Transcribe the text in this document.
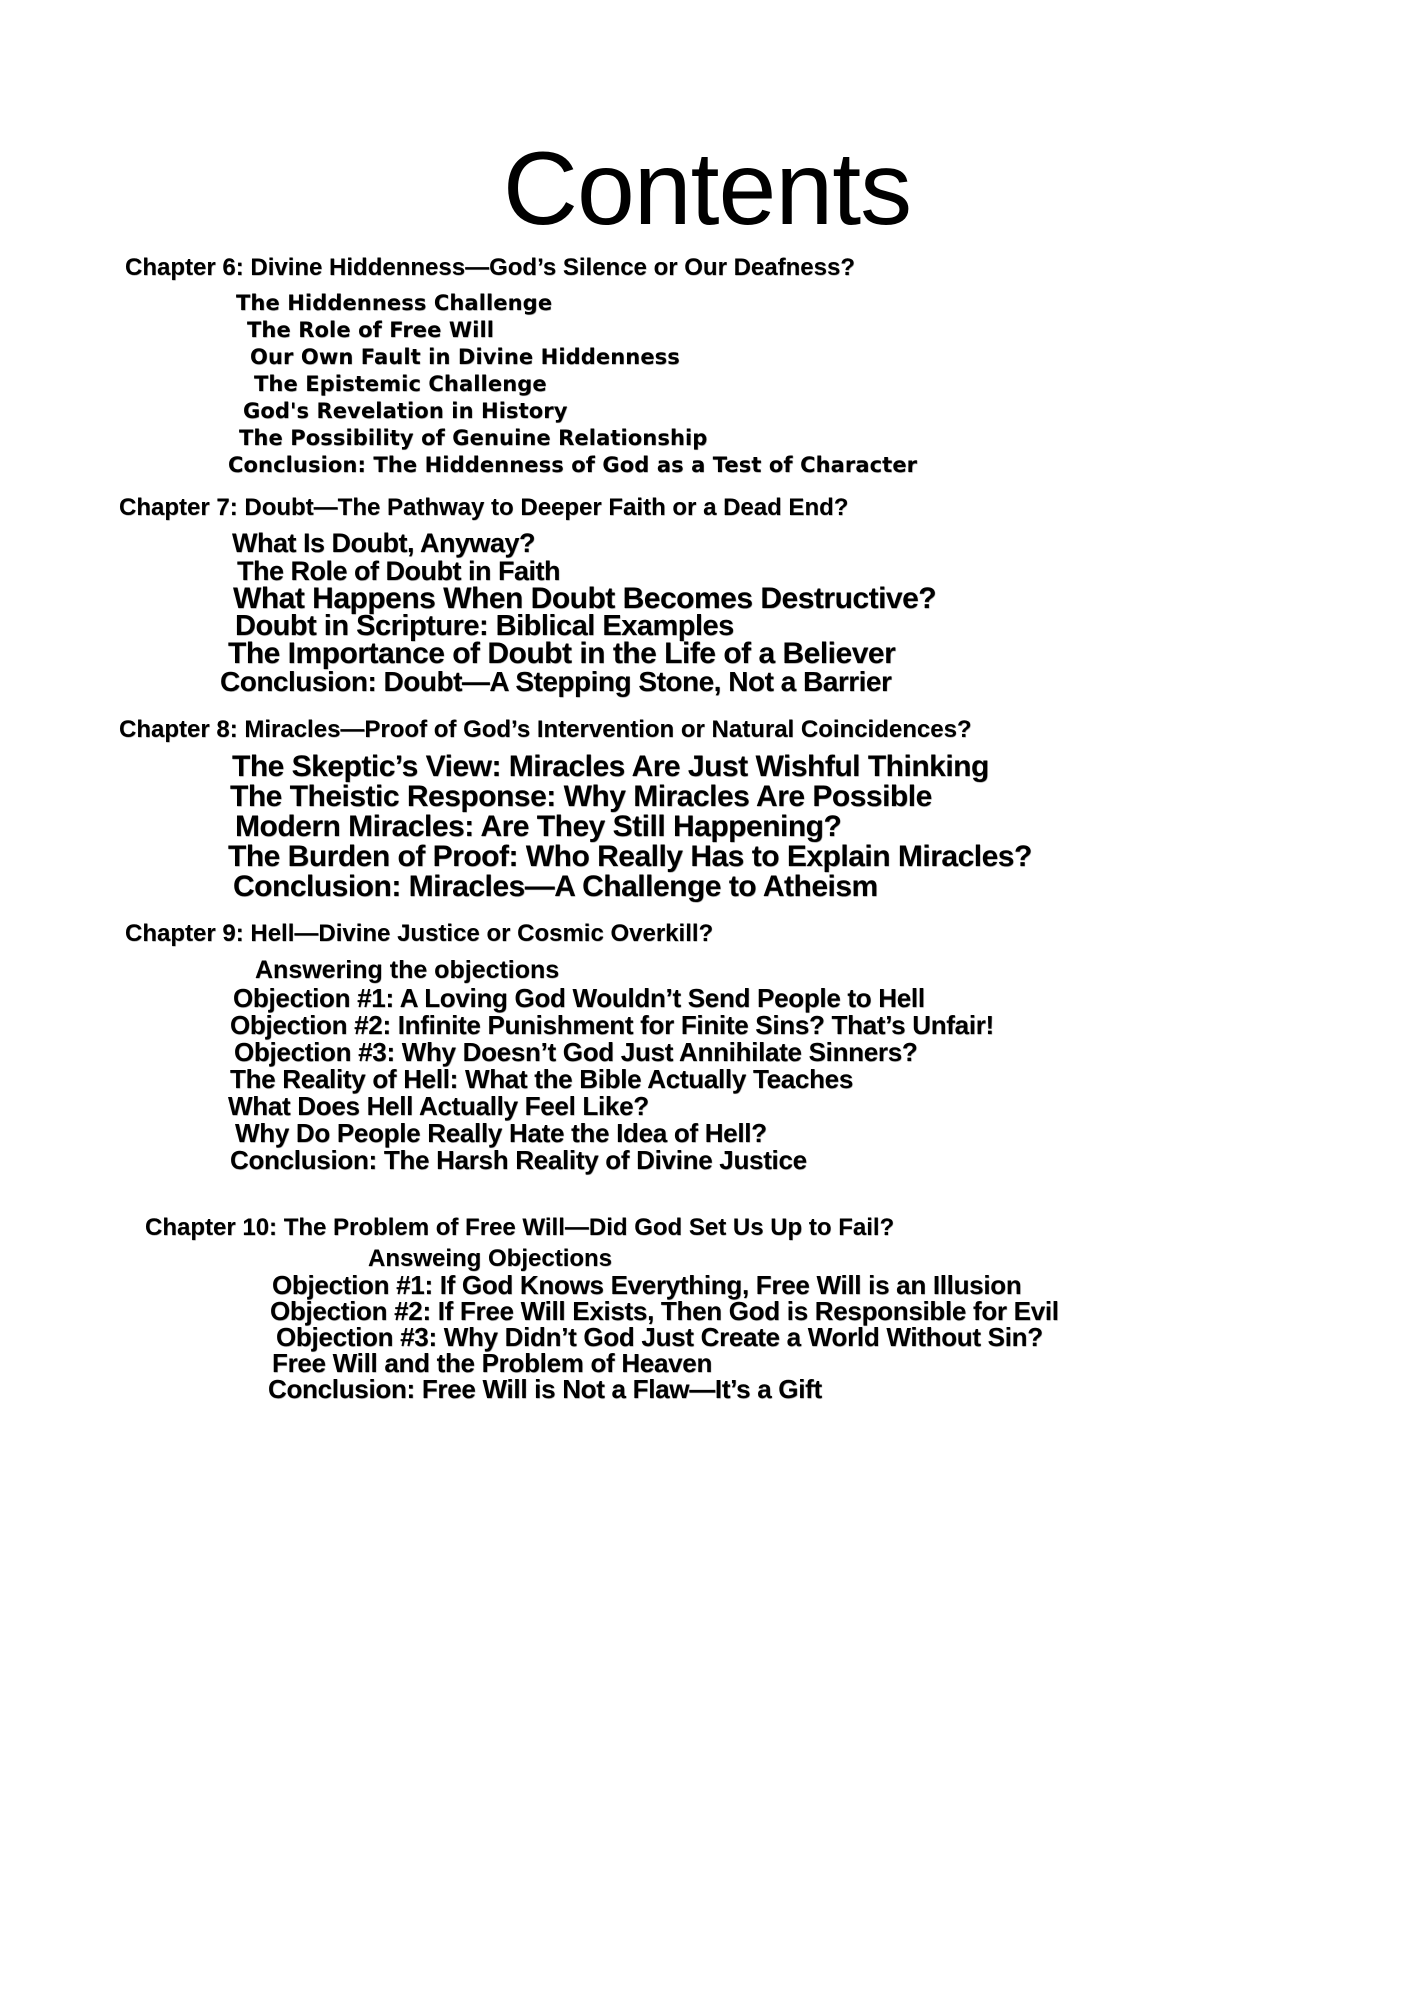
Contents
Chapter 6: Divine Hiddenness—God’s Silence or Our Deafness?
The Hiddenness Challenge
The Role of Free Will
Our Own Fault in Divine Hiddenness
The Epistemic Challenge
God's Revelation in History
The Possibility of Genuine Relationship
Conclusion: The Hiddenness of God as a Test of Character
Chapter 7: Doubt—The Pathway to Deeper Faith or a Dead End?
What Is Doubt, Anyway?
The Role of Doubt in Faith
What Happens When Doubt Becomes Destructive?
Doubt in Scripture: Biblical Examples
The Importance of Doubt in the Life of a Believer
Conclusion: Doubt—A Stepping Stone, Not a Barrier
Chapter 8: Miracles—Proof of God’s Intervention or Natural Coincidences?
The Skeptic’s View: Miracles Are Just Wishful Thinking
The Theistic Response: Why Miracles Are Possible
Modern Miracles: Are They Still Happening?
The Burden of Proof: Who Really Has to Explain Miracles?
Conclusion: Miracles—A Challenge to Atheism
Chapter 9: Hell—Divine Justice or Cosmic Overkill?
Answering the objections
Objection #1: A Loving God Wouldn’t Send People to Hell
Objection #2: Infinite Punishment for Finite Sins? That’s Unfair!
Objection #3: Why Doesn’t God Just Annihilate Sinners?
The Reality of Hell: What the Bible Actually Teaches
What Does Hell Actually Feel Like?
Why Do People Really Hate the Idea of Hell?
Conclusion: The Harsh Reality of Divine Justice
Chapter 10: The Problem of Free Will—Did God Set Us Up to Fail?
Answeing Objections
Objection #1: If God Knows Everything, Free Will is an Illusion
Objection #2: If Free Will Exists, Then God is Responsible for Evil
Objection #3: Why Didn’t God Just Create a World Without Sin?
Free Will and the Problem of Heaven
Conclusion: Free Will is Not a Flaw—It’s a Gift
